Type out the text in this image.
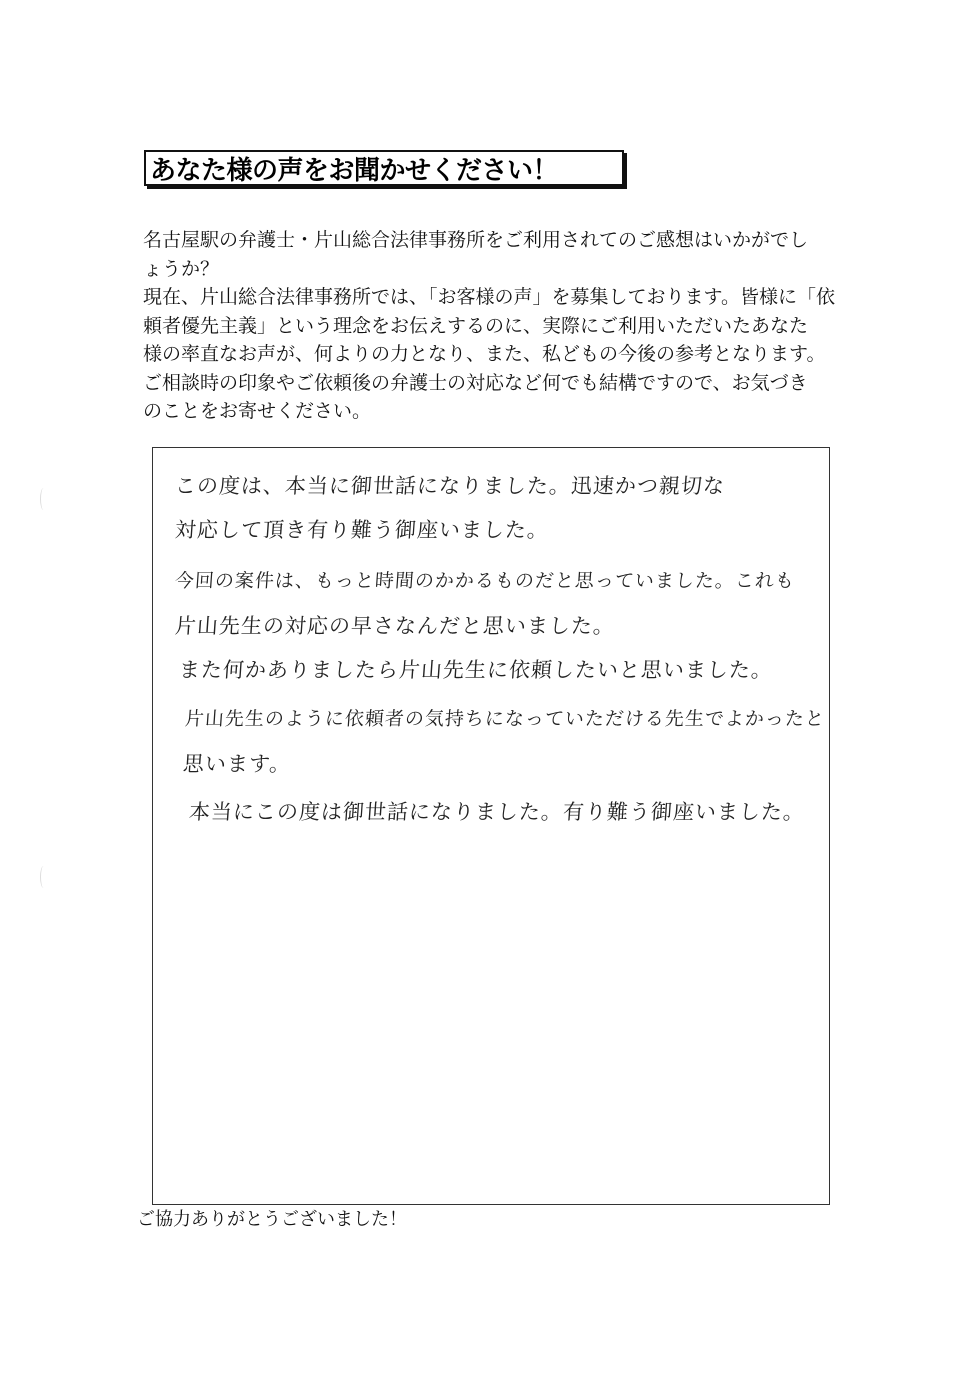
あなた様の声をお聞かせください！

名古屋駅の弁護士・片山総合法律事務所をご利用されてのご感想はいかがでし

ょうか？

現在、片山総合法律事務所では、「お客様の声」を募集しております。皆様に「依

頼者優先主義」という理念をお伝えするのに、実際にご利用いただいたあなた

様の率直なお声が、何よりの力となり、また、私どもの今後の参考となります。

ご相談時の印象やご依頼後の弁護士の対応など何でも結構ですので、お気づき

のことをお寄せください。

この度は、本当に御世話になりました。迅速かつ親切な
対応して頂き有り難う御座いました。
今回の案件は、もっと時間のかかるものだと思っていました。これも
片山先生の対応の早さなんだと思いました。
また何かありましたら片山先生に依頼したいと思いました。
片山先生のように依頼者の気持ちになっていただける先生でよかったと
思います。
本当にこの度は御世話になりました。有り難う御座いました。
ご協力ありがとうございました！
